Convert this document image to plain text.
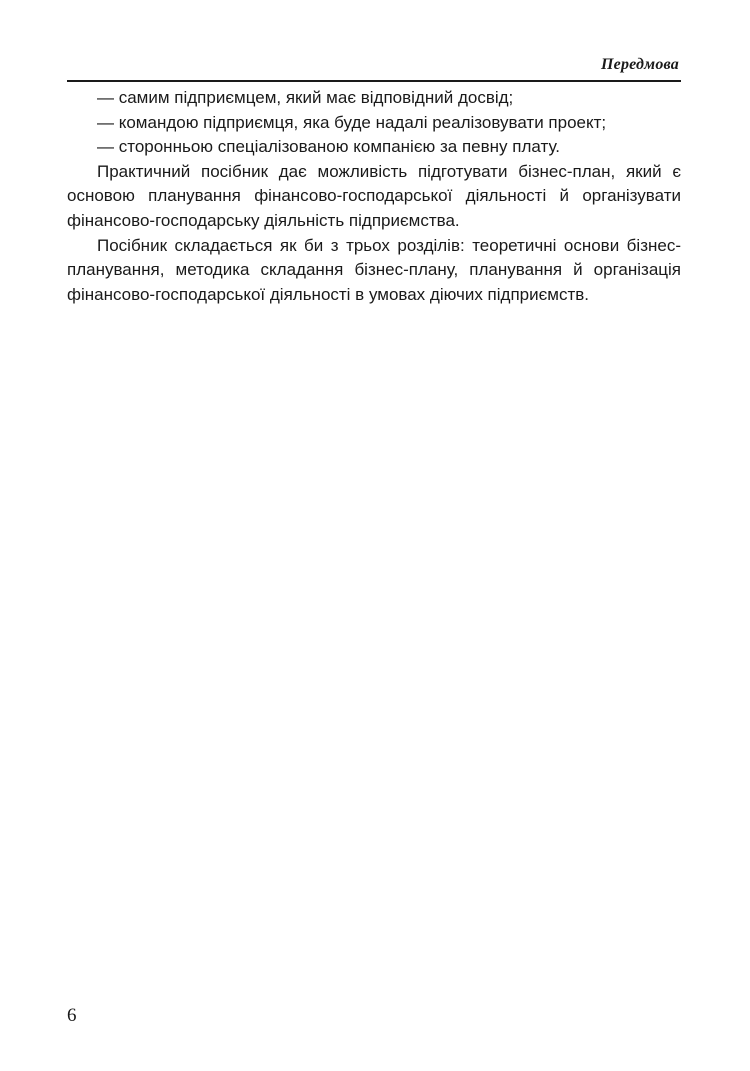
Передмова
— самим підприємцем, який має відповідний досвід;
— командою підприємця, яка буде надалі реалізовувати проект;
— сторонньою спеціалізованою компанією за певну плату.

Практичний посібник дає можливість підготувати бізнес-план, який є основою планування фінансово-господарської діяльності й організувати фінансово-господарську діяльність підприємства.

Посібник складається як би з трьох розділів: теоретичні основи бізнес-планування, методика складання бізнес-плану, планування й організація фінансово-господарської діяльності в умовах діючих підприємств.

6
